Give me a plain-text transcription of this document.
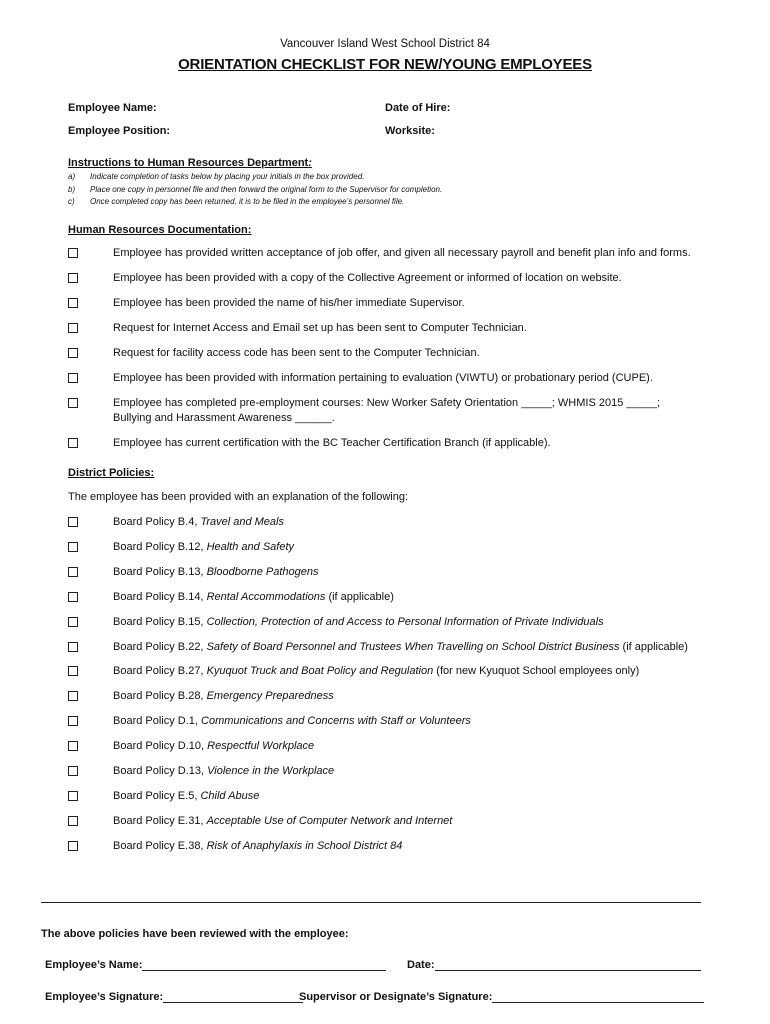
Vancouver Island West School District 84
ORIENTATION CHECKLIST FOR NEW/YOUNG EMPLOYEES
Employee Name:	Date of Hire:
Employee Position:	Worksite:
Instructions to Human Resources Department:
a) Indicate completion of tasks below by placing your initials in the box provided.
b) Place one copy in personnel file and then forward the original form to the Supervisor for completion.
c) Once completed copy has been returned, it is to be filed in the employee’s personnel file.
Human Resources Documentation:
Employee has provided written acceptance of job offer, and given all necessary payroll and benefit plan info and forms.
Employee has been provided with a copy of the Collective Agreement or informed of location on website.
Employee has been provided the name of his/her immediate Supervisor.
Request for Internet Access and Email set up has been sent to Computer Technician.
Request for facility access code has been sent to the Computer Technician.
Employee has been provided with information pertaining to evaluation (VIWTU) or probationary period (CUPE).
Employee has completed pre-employment courses: New Worker Safety Orientation _____; WHMIS 2015 _____;
Bullying and Harassment Awareness ______.
Employee has current certification with the BC Teacher Certification Branch (if applicable).
District Policies:
The employee has been provided with an explanation of the following:
Board Policy B.4, Travel and Meals
Board Policy B.12, Health and Safety
Board Policy B.13, Bloodborne Pathogens
Board Policy B.14, Rental Accommodations (if applicable)
Board Policy B.15, Collection, Protection of and Access to Personal Information of Private Individuals
Board Policy B.22, Safety of Board Personnel and Trustees When Travelling on School District Business (if applicable)
Board Policy B.27, Kyuquot Truck and Boat Policy and Regulation (for new Kyuquot School employees only)
Board Policy B.28, Emergency Preparedness
Board Policy D.1, Communications and Concerns with Staff or Volunteers
Board Policy D.10, Respectful Workplace
Board Policy D.13, Violence in the Workplace
Board Policy E.5, Child Abuse
Board Policy E.31, Acceptable Use of Computer Network and Internet
Board Policy E.38, Risk of Anaphylaxis in School District 84
The above policies have been reviewed with the employee:
Employee’s Name:	Date:
Employee’s Signature:	Supervisor or Designate’s Signature:
